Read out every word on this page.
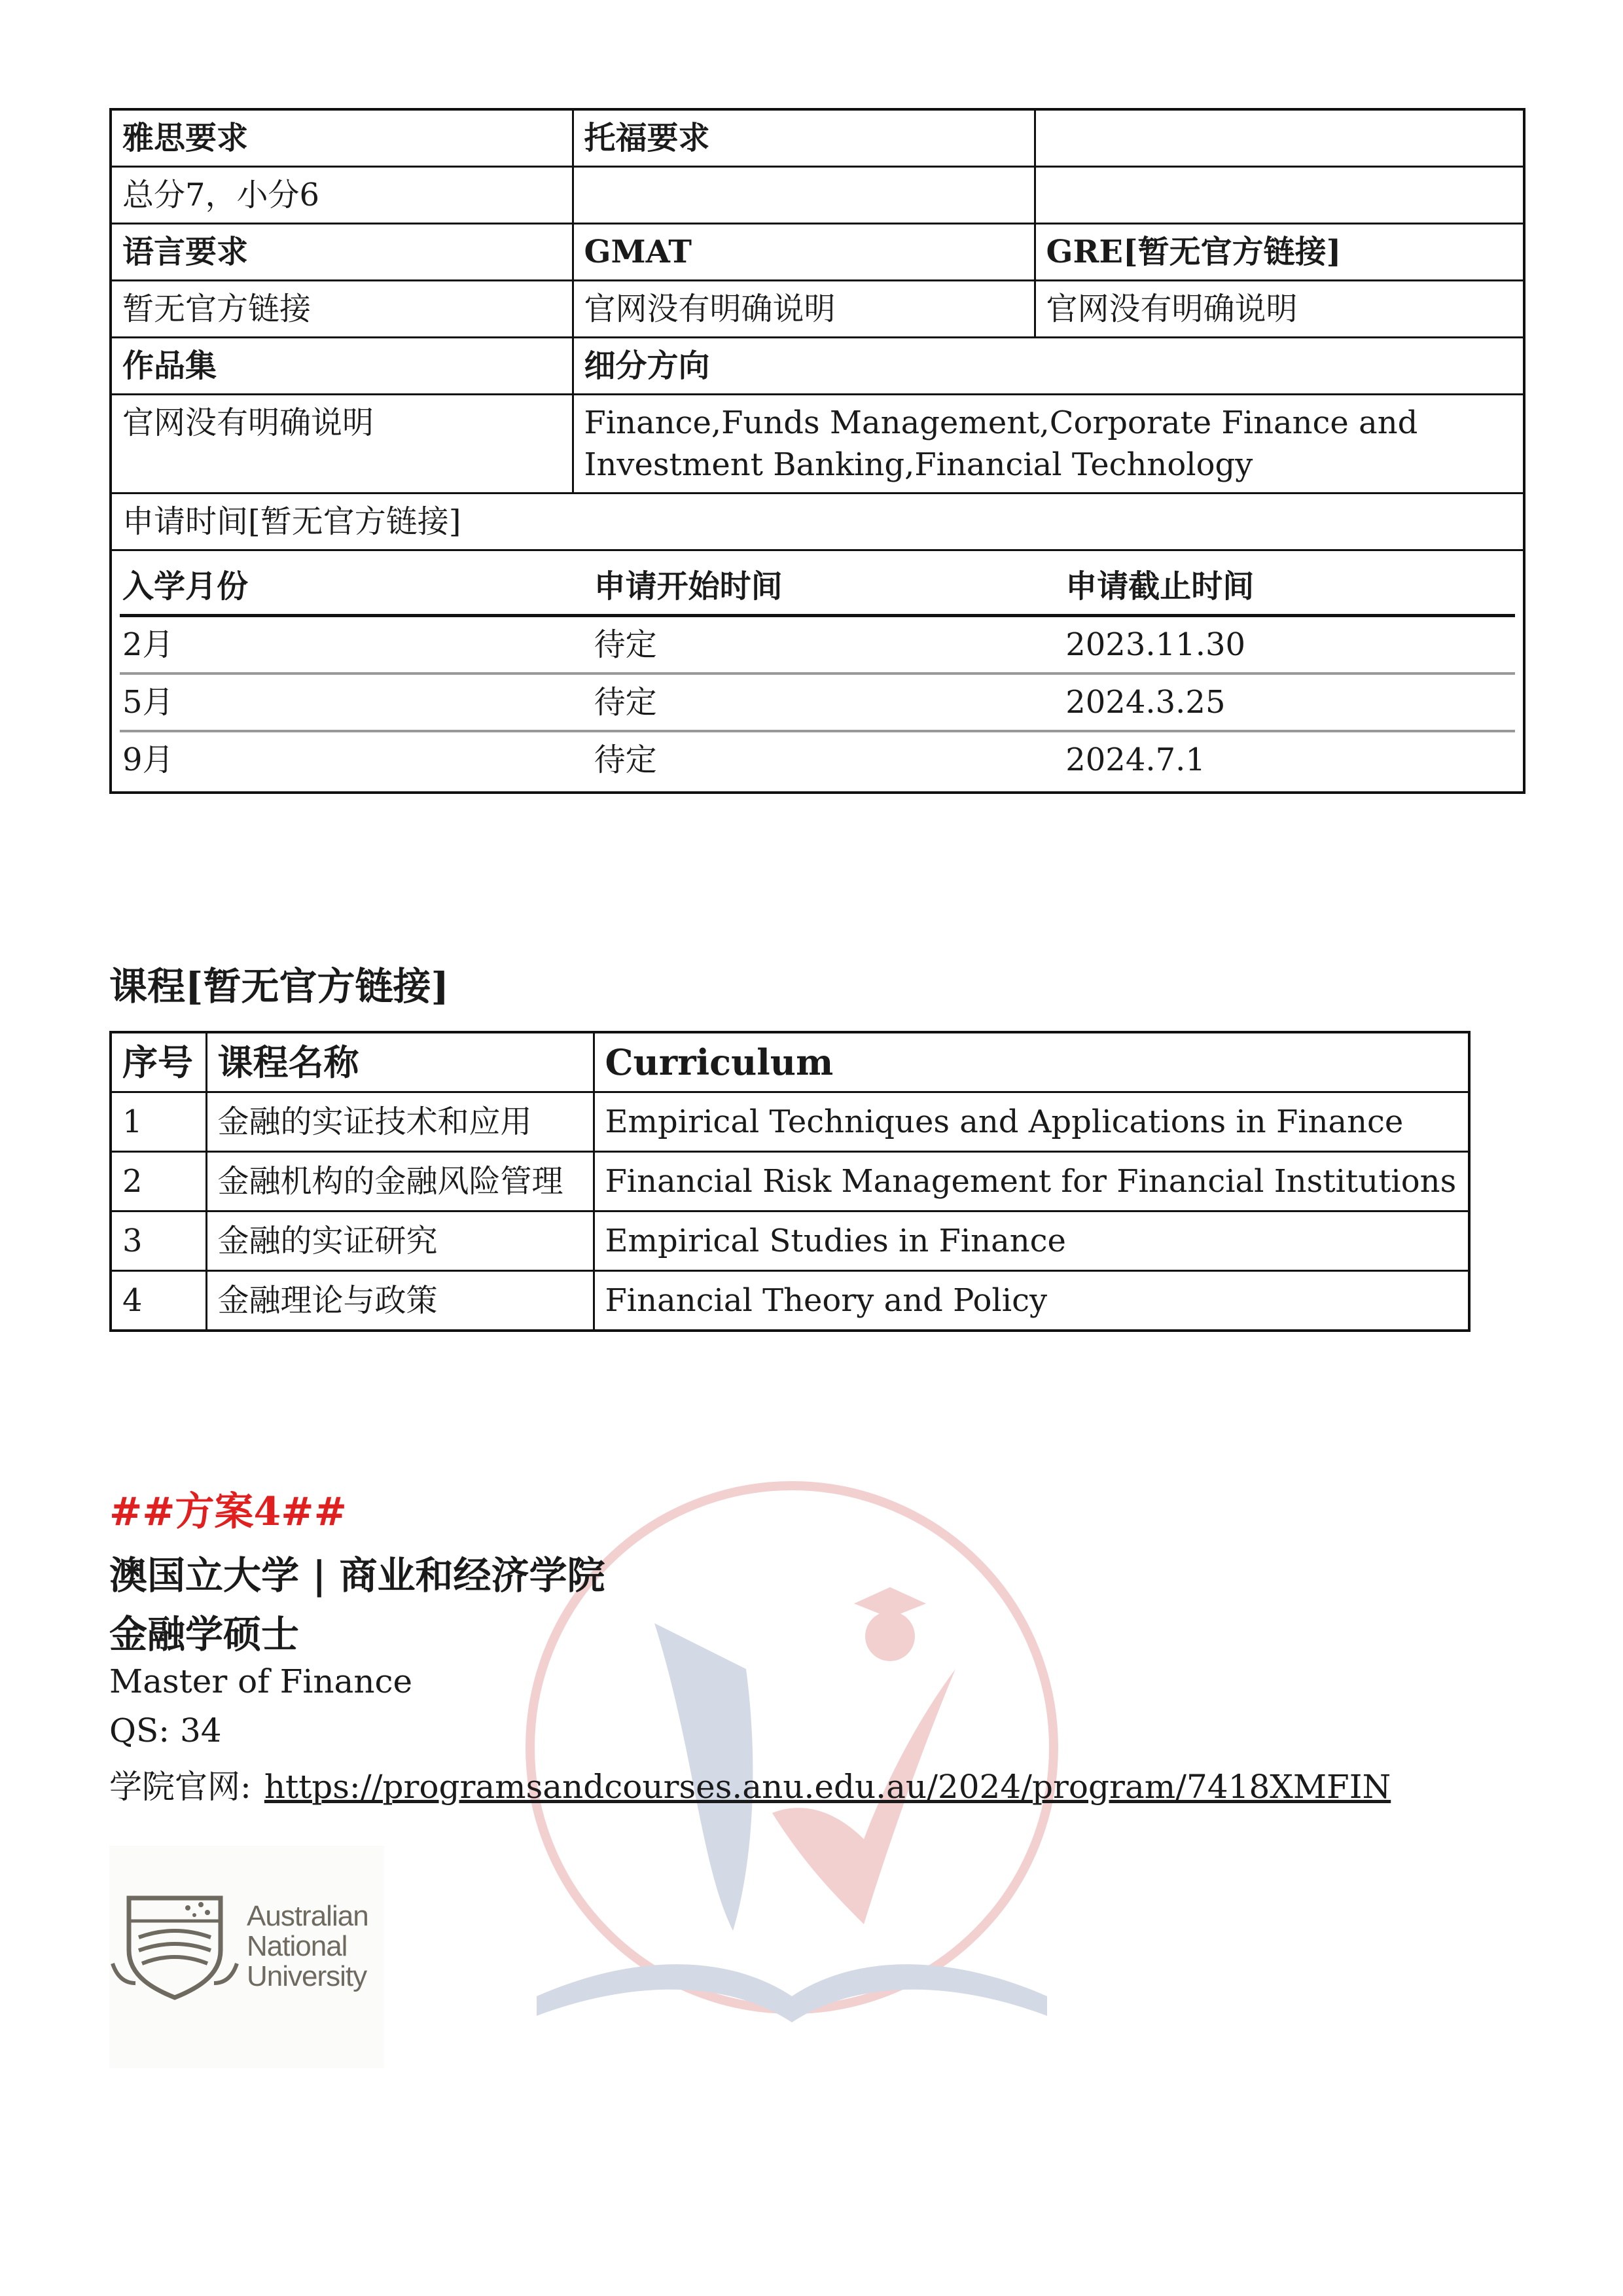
雅思要求	托福要求	
总分7，小分6		
语言要求	GMAT	GRE[暂无官方链接]
暂无官方链接	官网没有明确说明	官网没有明确说明
作品集	细分方向
官网没有明确说明	Finance,Funds Management,Corporate Finance and Investment Banking,Financial Technology
申请时间[暂无官方链接]

入学月份	申请开始时间	申请截止时间
2月	待定	2023.11.30
5月	待定	2024.3.25
9月	待定	2024.7.1
课程[暂无官方链接]
序号	课程名称	Curriculum
1	金融的实证技术和应用	Empirical Techniques and Applications in Finance
2	金融机构的金融风险管理	Financial Risk Management for Financial Institutions
3	金融的实证研究	Empirical Studies in Finance
4	金融理论与政策	Financial Theory and Policy
##方案4##
澳国立大学 | 商业和经济学院
金融学硕士
Master of Finance
QS: 34
学院官网: https://programsandcourses.anu.edu.au/2024/program/7418XMFIN
Australian
National
University
